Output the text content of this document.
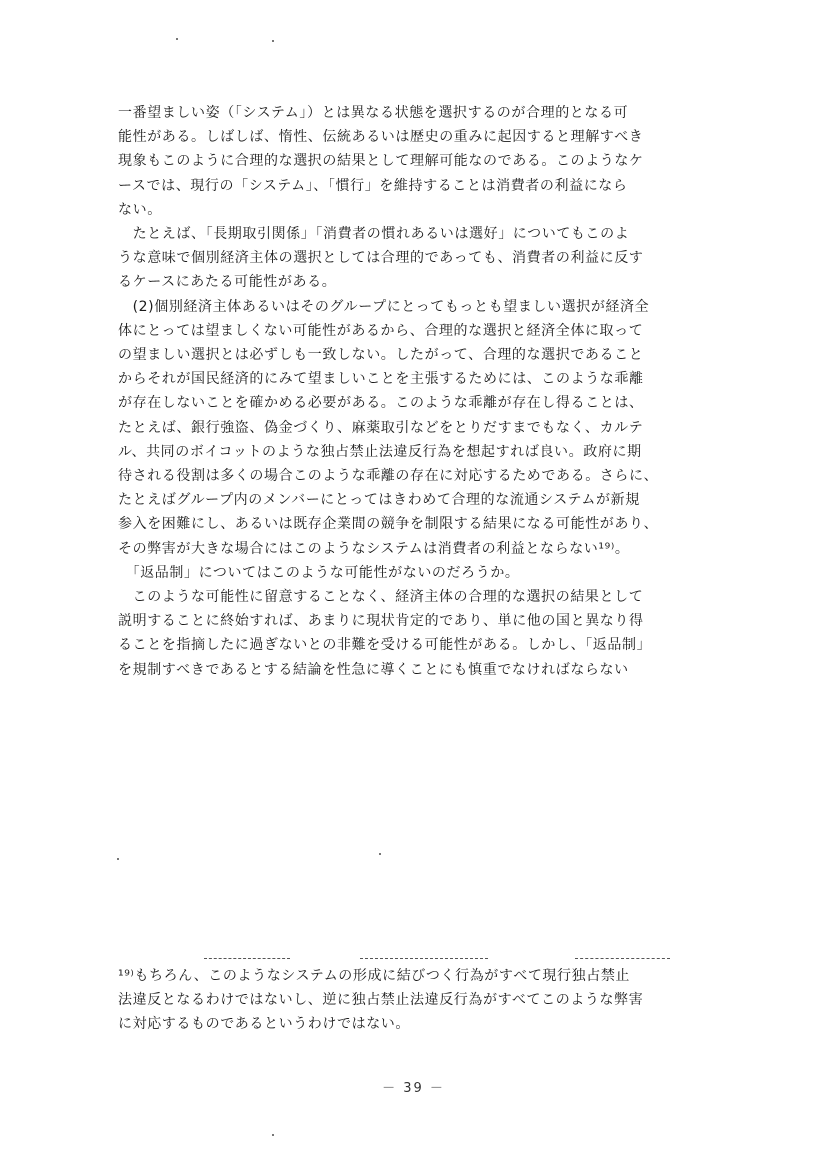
一番望ましい姿（「システム」）とは異なる状態を選択するのが合理的となる可
能性がある。しばしば、惰性、伝統あるいは歴史の重みに起因すると理解すべき
現象もこのように合理的な選択の結果として理解可能なのである。このようなケ
ースでは、現行の「システム」、「慣行」を維持することは消費者の利益になら
ない。
　たとえば、「長期取引関係」「消費者の慣れあるいは選好」についてもこのよ
うな意味で個別経済主体の選択としては合理的であっても、消費者の利益に反す
るケースにあたる可能性がある。
　(2)個別経済主体あるいはそのグループにとってもっとも望ましい選択が経済全
体にとっては望ましくない可能性があるから、合理的な選択と経済全体に取って
の望ましい選択とは必ずしも一致しない。したがって、合理的な選択であること
からそれが国民経済的にみて望ましいことを主張するためには、このような乖離
が存在しないことを確かめる必要がある。このような乖離が存在し得ることは、
たとえば、銀行強盗、偽金づくり、麻薬取引などをとりだすまでもなく、カルテ
ル、共同のボイコットのような独占禁止法違反行為を想起すれば良い。政府に期
待される役割は多くの場合このような乖離の存在に対応するためである。さらに、
たとえばグループ内のメンバーにとってはきわめて合理的な流通システムが新規
参入を困難にし、あるいは既存企業間の競争を制限する結果になる可能性があり、
その弊害が大きな場合にはこのようなシステムは消費者の利益とならない¹⁹⁾。
　「返品制」についてはこのような可能性がないのだろうか。
　このような可能性に留意することなく、経済主体の合理的な選択の結果として
説明することに終始すれば、あまりに現状肯定的であり、単に他の国と異なり得
ることを指摘したに過ぎないとの非難を受ける可能性がある。しかし、「返品制」
を規制すべきであるとする結論を性急に導くことにも慎重でなければならない
¹⁹⁾もちろん、このようなシステムの形成に結びつく行為がすべて現行独占禁止
法違反となるわけではないし、逆に独占禁止法違反行為がすべてこのような弊害
に対応するものであるというわけではない。
－ 39 －
